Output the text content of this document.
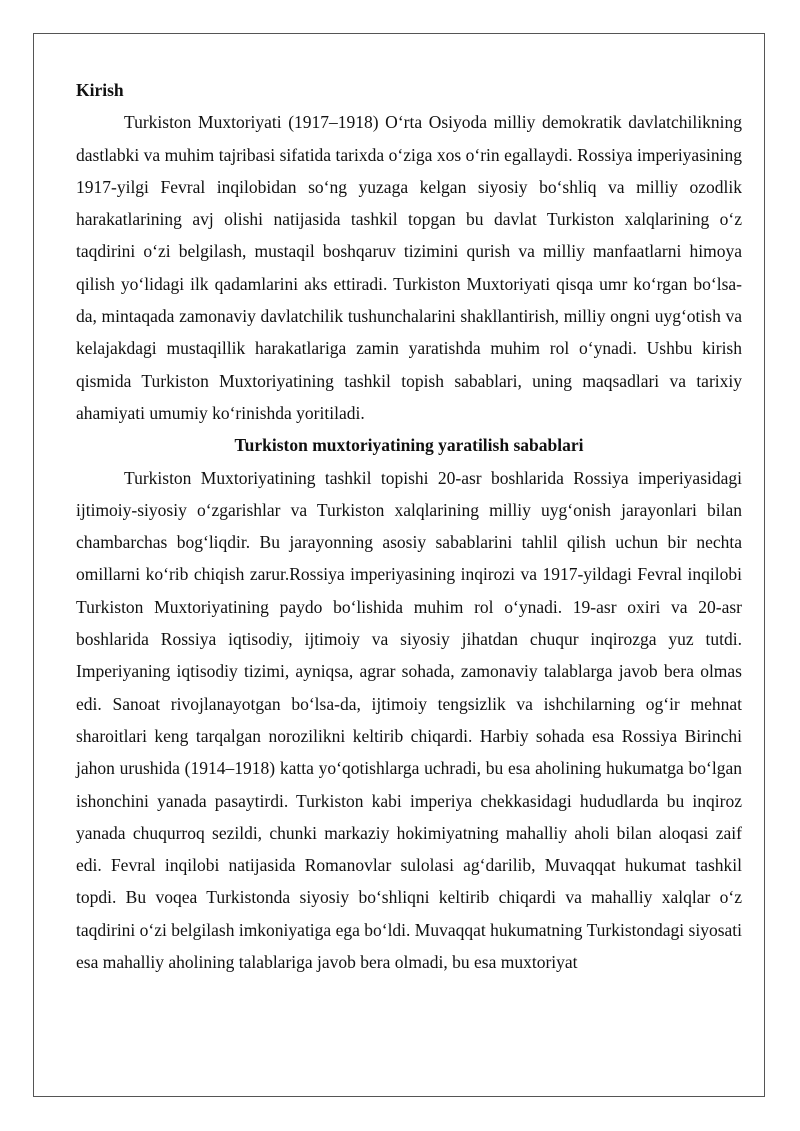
Kirish

Turkiston Muxtoriyati (1917–1918) O‘rta Osiyoda milliy demokratik davlatchilikning dastlabki va muhim tajribasi sifatida tarixda o‘ziga xos o‘rin egallaydi. Rossiya imperiyasining 1917-yilgi Fevral inqilobidan so‘ng yuzaga kelgan siyosiy bo‘shliq va milliy ozodlik harakatlarining avj olishi natijasida tashkil topgan bu davlat Turkiston xalqlarining o‘z taqdirini o‘zi belgilash, mustaqil boshqaruv tizimini qurish va milliy manfaatlarni himoya qilish yo‘lidagi ilk qadamlarini aks ettiradi. Turkiston Muxtoriyati qisqa umr ko‘rgan bo‘lsa-da, mintaqada zamonaviy davlatchilik tushunchalarini shakllantirish, milliy ongni uyg‘otish va kelajakdagi mustaqillik harakatlariga zamin yaratishda muhim rol o‘ynadi. Ushbu kirish qismida Turkiston Muxtoriyatining tashkil topish sabablari, uning maqsadlari va tarixiy ahamiyati umumiy ko‘rinishda yoritiladi.

Turkiston muxtoriyatining yaratilish sabablari

Turkiston Muxtoriyatining tashkil topishi 20-asr boshlarida Rossiya imperiyasidagi ijtimoiy-siyosiy o‘zgarishlar va Turkiston xalqlarining milliy uyg‘onish jarayonlari bilan chambarchas bog‘liqdir. Bu jarayonning asosiy sabablarini tahlil qilish uchun bir nechta omillarni ko‘rib chiqish zarur.Rossiya imperiyasining inqirozi va 1917-yildagi Fevral inqilobi Turkiston Muxtoriyatining paydo bo‘lishida muhim rol o‘ynadi. 19-asr oxiri va 20-asr boshlarida Rossiya iqtisodiy, ijtimoiy va siyosiy jihatdan chuqur inqirozga yuz tutdi. Imperiyaning iqtisodiy tizimi, ayniqsa, agrar sohada, zamonaviy talablarga javob bera olmas edi. Sanoat rivojlanayotgan bo‘lsa-da, ijtimoiy tengsizlik va ishchilarning og‘ir mehnat sharoitlari keng tarqalgan norozilikni keltirib chiqardi. Harbiy sohada esa Rossiya Birinchi jahon urushida (1914–1918) katta yo‘qotishlarga uchradi, bu esa aholining hukumatga bo‘lgan ishonchini yanada pasaytirdi. Turkiston kabi imperiya chekkasidagi hududlarda bu inqiroz yanada chuqurroq sezildi, chunki markaziy hokimiyatning mahalliy aholi bilan aloqasi zaif edi. Fevral inqilobi natijasida Romanovlar sulolasi ag‘darilib, Muvaqqat hukumat tashkil topdi. Bu voqea Turkistonda siyosiy bo‘shliqni keltirib chiqardi va mahalliy xalqlar o‘z taqdirini o‘zi belgilash imkoniyatiga ega bo‘ldi. Muvaqqat hukumatning Turkistondagi siyosati esa mahalliy aholining talablariga javob bera olmadi, bu esa muxtoriyat
